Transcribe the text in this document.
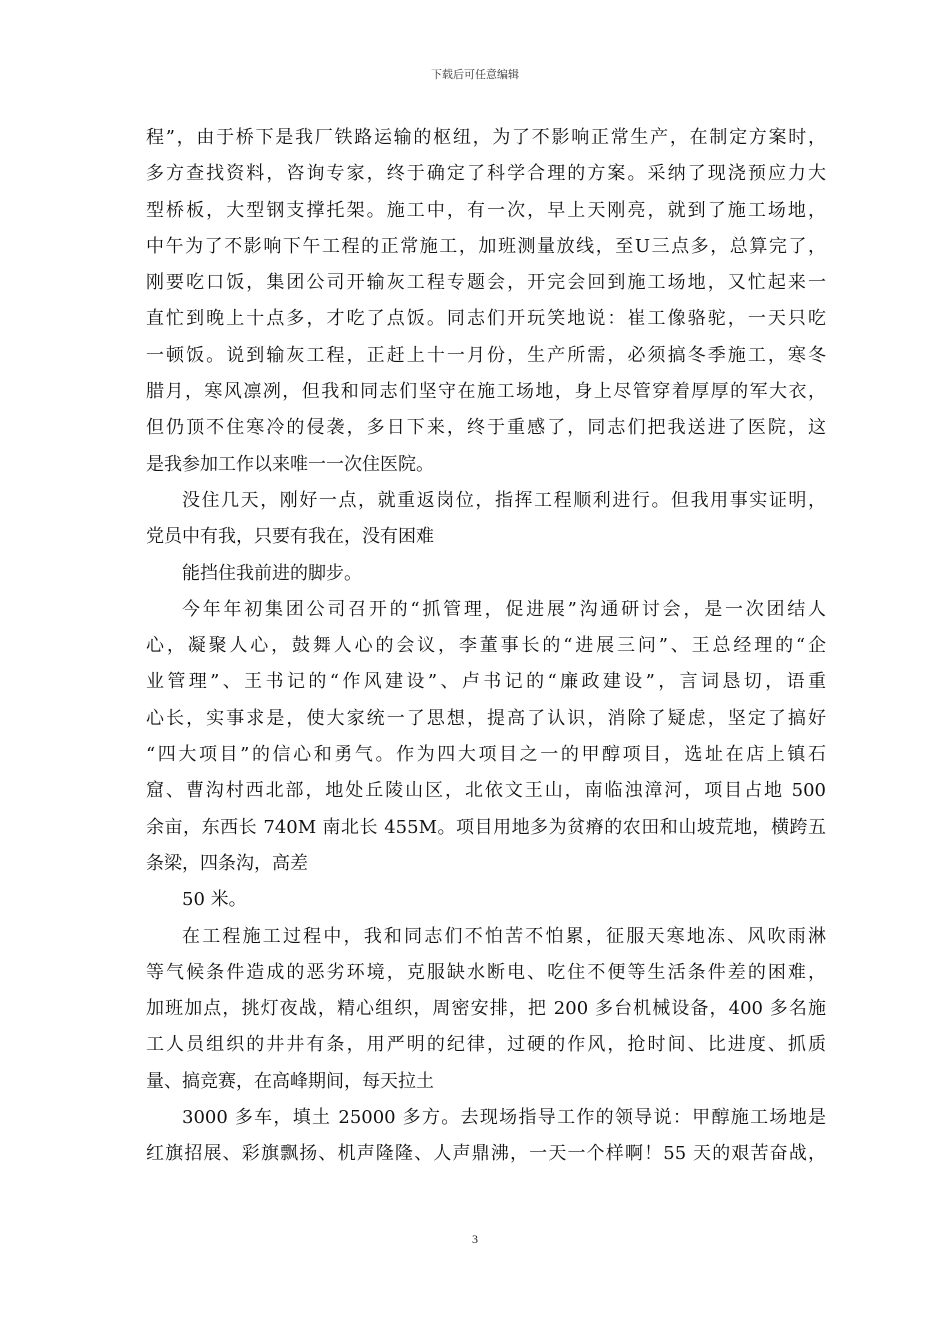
下载后可任意编辑
程”，由于桥下是我厂铁路运输的枢纽，为了不影响正常生产，在制定方案时，
多方查找资料，咨询专家，终于确定了科学合理的方案。采纳了现浇预应力大
型桥板，大型钢支撑托架。施工中，有一次，早上天刚亮，就到了施工场地，
中午为了不影响下午工程的正常施工，加班测量放线，至U三点多，总算完了，
刚要吃口饭，集团公司开输灰工程专题会，开完会回到施工场地，又忙起来一
直忙到晚上十点多，才吃了点饭。同志们开玩笑地说：崔工像骆驼，一天只吃
一顿饭。说到输灰工程，正赶上十一月份，生产所需，必须搞冬季施工，寒冬
腊月，寒风凛冽，但我和同志们坚守在施工场地，身上尽管穿着厚厚的军大衣，
但仍顶不住寒冷的侵袭，多日下来，终于重感了，同志们把我送进了医院，这
是我参加工作以来唯一一次住医院。
没住几天，刚好一点，就重返岗位，指挥工程顺利进行。但我用事实证明，
党员中有我，只要有我在，没有困难
能挡住我前进的脚步。
今年年初集团公司召开的“抓管理，促进展”沟通研讨会，是一次团结人
心，凝聚人心，鼓舞人心的会议，李董事长的“进展三问”、王总经理的“企
业管理”、王书记的“作风建设”、卢书记的“廉政建设”，言词恳切，语重
心长，实事求是，使大家统一了思想，提高了认识，消除了疑虑，坚定了搞好
“四大项目”的信心和勇气。作为四大项目之一的甲醇项目，选址在店上镇石
窟、曹沟村西北部，地处丘陵山区，北依文王山，南临浊漳河，项目占地 500
余亩，东西长 740M 南北长 455M。项目用地多为贫瘠的农田和山坡荒地，横跨五
条梁，四条沟，高差
50 米。
在工程施工过程中，我和同志们不怕苦不怕累，征服天寒地冻、风吹雨淋
等气候条件造成的恶劣环境，克服缺水断电、吃住不便等生活条件差的困难，
加班加点，挑灯夜战，精心组织，周密安排，把 200 多台机械设备，400 多名施
工人员组织的井井有条，用严明的纪律，过硬的作风，抢时间、比进度、抓质
量、搞竞赛，在高峰期间，每天拉土
3000 多车，填土 25000 多方。去现场指导工作的领导说：甲醇施工场地是
红旗招展、彩旗飘扬、机声隆隆、人声鼎沸，一天一个样啊！55 天的艰苦奋战，
3
